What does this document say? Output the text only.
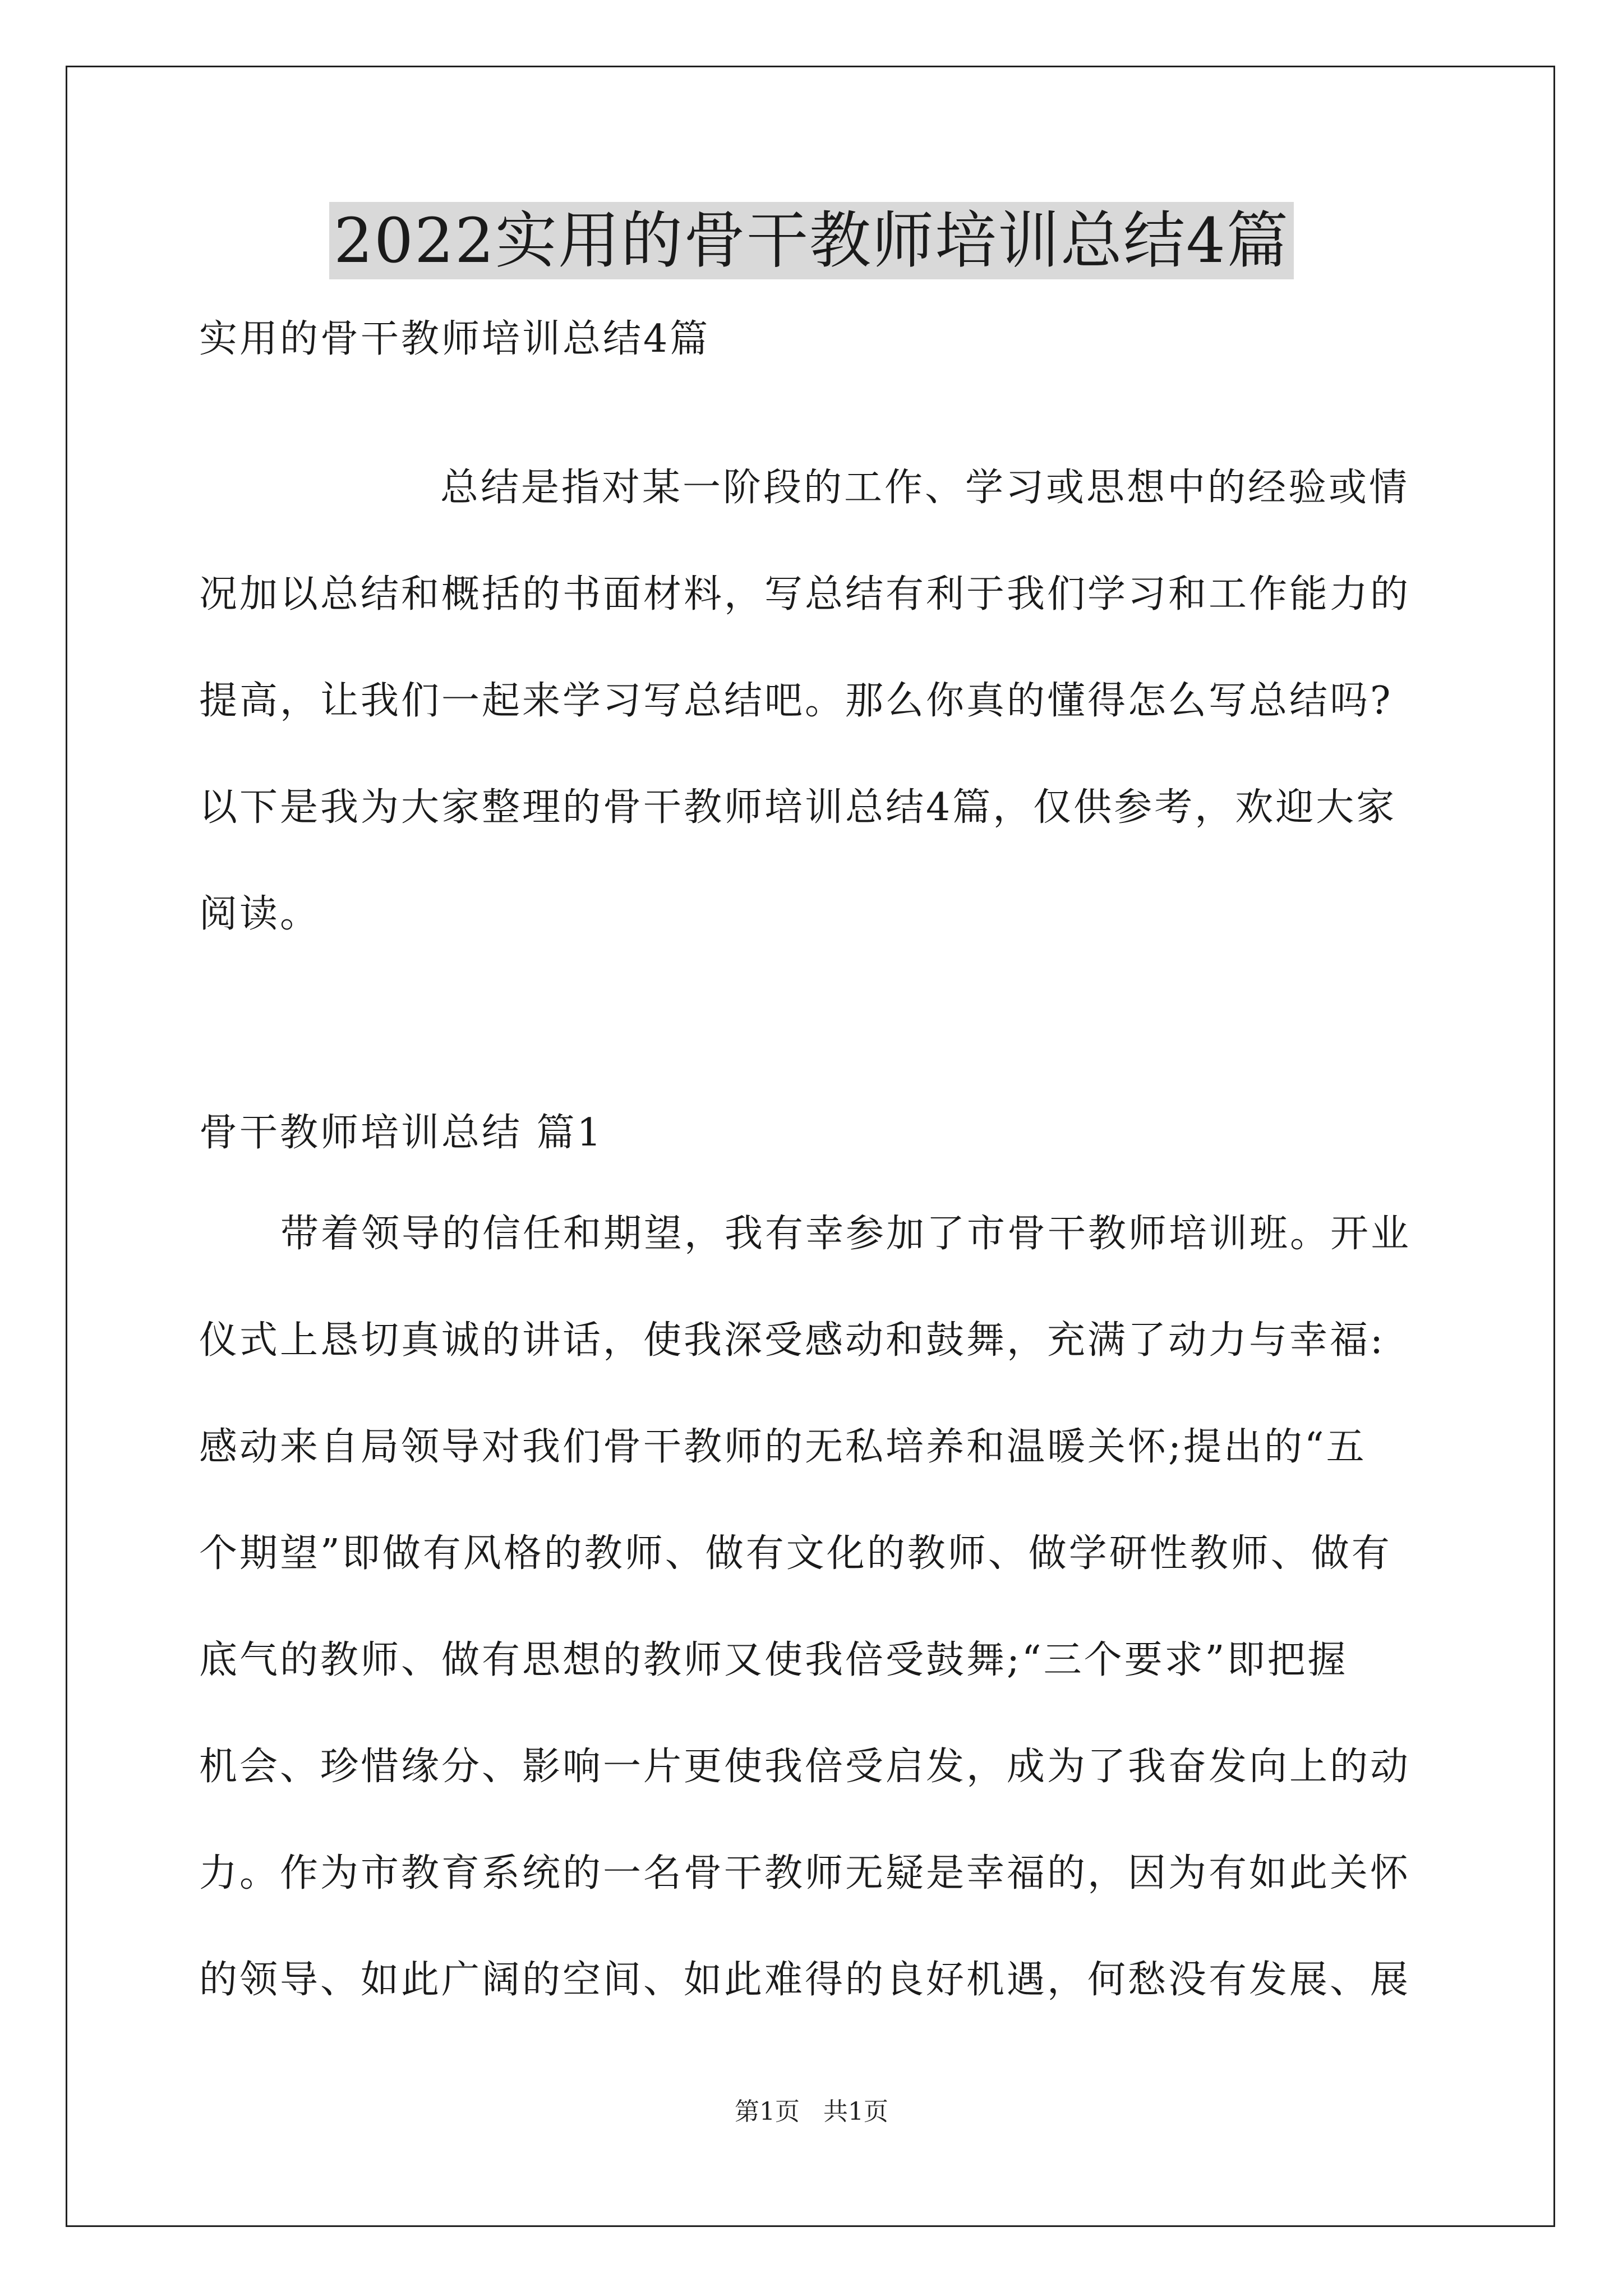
2022实用的骨干教师培训总结4篇
实用的骨干教师培训总结4篇
总结是指对某一阶段的工作、学习或思想中的经验或情
况加以总结和概括的书面材料，写总结有利于我们学习和工作能力的
提高，让我们一起来学习写总结吧。那么你真的懂得怎么写总结吗?
以下是我为大家整理的骨干教师培训总结4篇，仅供参考，欢迎大家
阅读。
骨干教师培训总结 篇1
带着领导的信任和期望，我有幸参加了市骨干教师培训班。开业
仪式上恳切真诚的讲话，使我深受感动和鼓舞，充满了动力与幸福:
感动来自局领导对我们骨干教师的无私培养和温暖关怀;提出的“五
个期望”即做有风格的教师、做有文化的教师、做学研性教师、做有
底气的教师、做有思想的教师又使我倍受鼓舞;“三个要求”即把握
机会、珍惜缘分、影响一片更使我倍受启发，成为了我奋发向上的动
力。作为市教育系统的一名骨干教师无疑是幸福的，因为有如此关怀
的领导、如此广阔的空间、如此难得的良好机遇，何愁没有发展、展
第1页 共1页
